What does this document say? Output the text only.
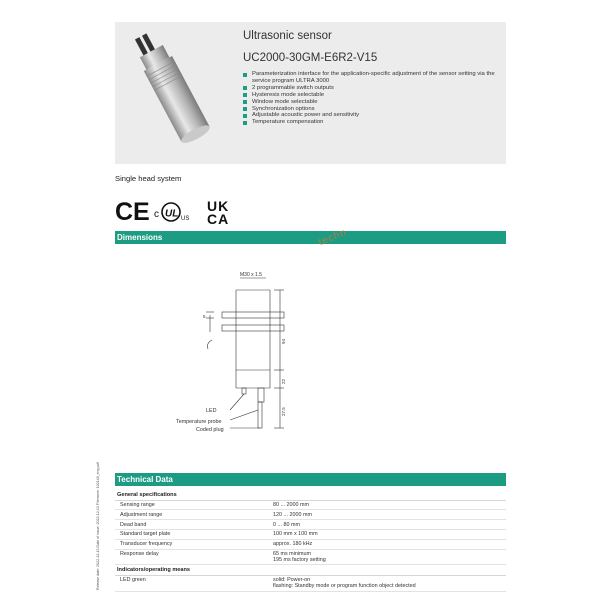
Ultrasonic sensor
UC2000-30GM-E6R2-V15
Parameterization interface for the application-specific adjustment of the sensor setting via the service program ULTRA 3000
2 programmable switch outputs
Hysteresis mode selectable
Window mode selectable
Synchronization options
Adjustable acoustic power and sensitivity
Temperature compensation
Single head system
CE c UL US
UK
CA
Dimensions	techn
M30 x 1.5
5
94
22
27.5
LED
Temperature probe
Coded plug
Release date: 2022-12-13 Date of issue: 2022-12-13 Filename: 102148_eng.pdf Technical Data
General specifications
Sensing range	80 ... 2000 mm
Adjustment range	120 ... 2000 mm
Dead band	0 ... 80 mm
Standard target plate	100 mm x 100 mm
Transducer frequency	approx. 180 kHz
Response delay	65 ms minimum
195 ms factory setting
Indicators/operating means
LED green	solid: Power-on
flashing: Standby mode or program function object detected
